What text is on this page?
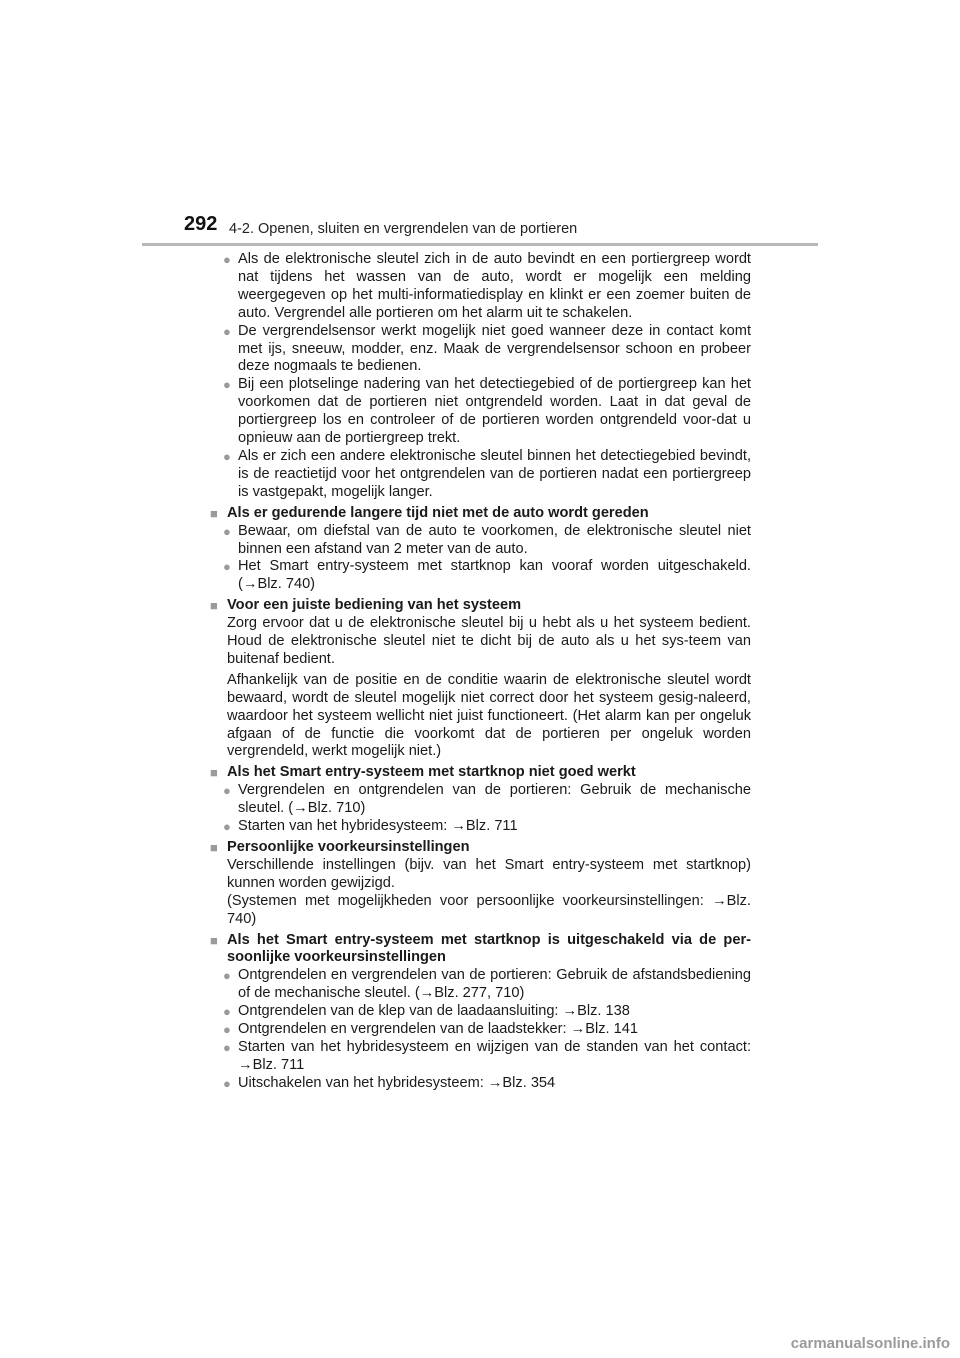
292 4-2. Openen, sluiten en vergrendelen van de portieren
● Als de elektronische sleutel zich in de auto bevindt en een portiergreep wordt nat tijdens het wassen van de auto, wordt er mogelijk een melding weergegeven op het multi-informatiedisplay en klinkt er een zoemer buiten de auto. Vergrendel alle portieren om het alarm uit te schakelen.
● De vergrendelsensor werkt mogelijk niet goed wanneer deze in contact komt met ijs, sneeuw, modder, enz. Maak de vergrendelsensor schoon en probeer deze nogmaals te bedienen.
● Bij een plotselinge nadering van het detectiegebied of de portiergreep kan het voorkomen dat de portieren niet ontgrendeld worden. Laat in dat geval de portiergreep los en controleer of de portieren worden ontgrendeld voor-dat u opnieuw aan de portiergreep trekt.
● Als er zich een andere elektronische sleutel binnen het detectiegebied bevindt, is de reactietijd voor het ontgrendelen van de portieren nadat een portiergreep is vastgepakt, mogelijk langer.
■ Als er gedurende langere tijd niet met de auto wordt gereden
● Bewaar, om diefstal van de auto te voorkomen, de elektronische sleutel niet binnen een afstand van 2 meter van de auto.
● Het Smart entry-systeem met startknop kan vooraf worden uitgeschakeld. (→Blz. 740)
■ Voor een juiste bediening van het systeem
Zorg ervoor dat u de elektronische sleutel bij u hebt als u het systeem bedient. Houd de elektronische sleutel niet te dicht bij de auto als u het sys-teem van buitenaf bedient.
Afhankelijk van de positie en de conditie waarin de elektronische sleutel wordt bewaard, wordt de sleutel mogelijk niet correct door het systeem gesig-naleerd, waardoor het systeem wellicht niet juist functioneert. (Het alarm kan per ongeluk afgaan of de functie die voorkomt dat de portieren per ongeluk worden vergrendeld, werkt mogelijk niet.)
■ Als het Smart entry-systeem met startknop niet goed werkt
● Vergrendelen en ontgrendelen van de portieren: Gebruik de mechanische sleutel. (→Blz. 710)
● Starten van het hybridesysteem: →Blz. 711
■ Persoonlijke voorkeursinstellingen
Verschillende instellingen (bijv. van het Smart entry-systeem met startknop) kunnen worden gewijzigd.
(Systemen met mogelijkheden voor persoonlijke voorkeursinstellingen: →Blz. 740)
■ Als het Smart entry-systeem met startknop is uitgeschakeld via de per-soonlijke voorkeursinstellingen
● Ontgrendelen en vergrendelen van de portieren: Gebruik de afstandsbediening of de mechanische sleutel. (→Blz. 277, 710)
● Ontgrendelen van de klep van de laadaansluiting: →Blz. 138
● Ontgrendelen en vergrendelen van de laadstekker: →Blz. 141
● Starten van het hybridesysteem en wijzigen van de standen van het contact: →Blz. 711
● Uitschakelen van het hybridesysteem: →Blz. 354
carmanualsonline.info
